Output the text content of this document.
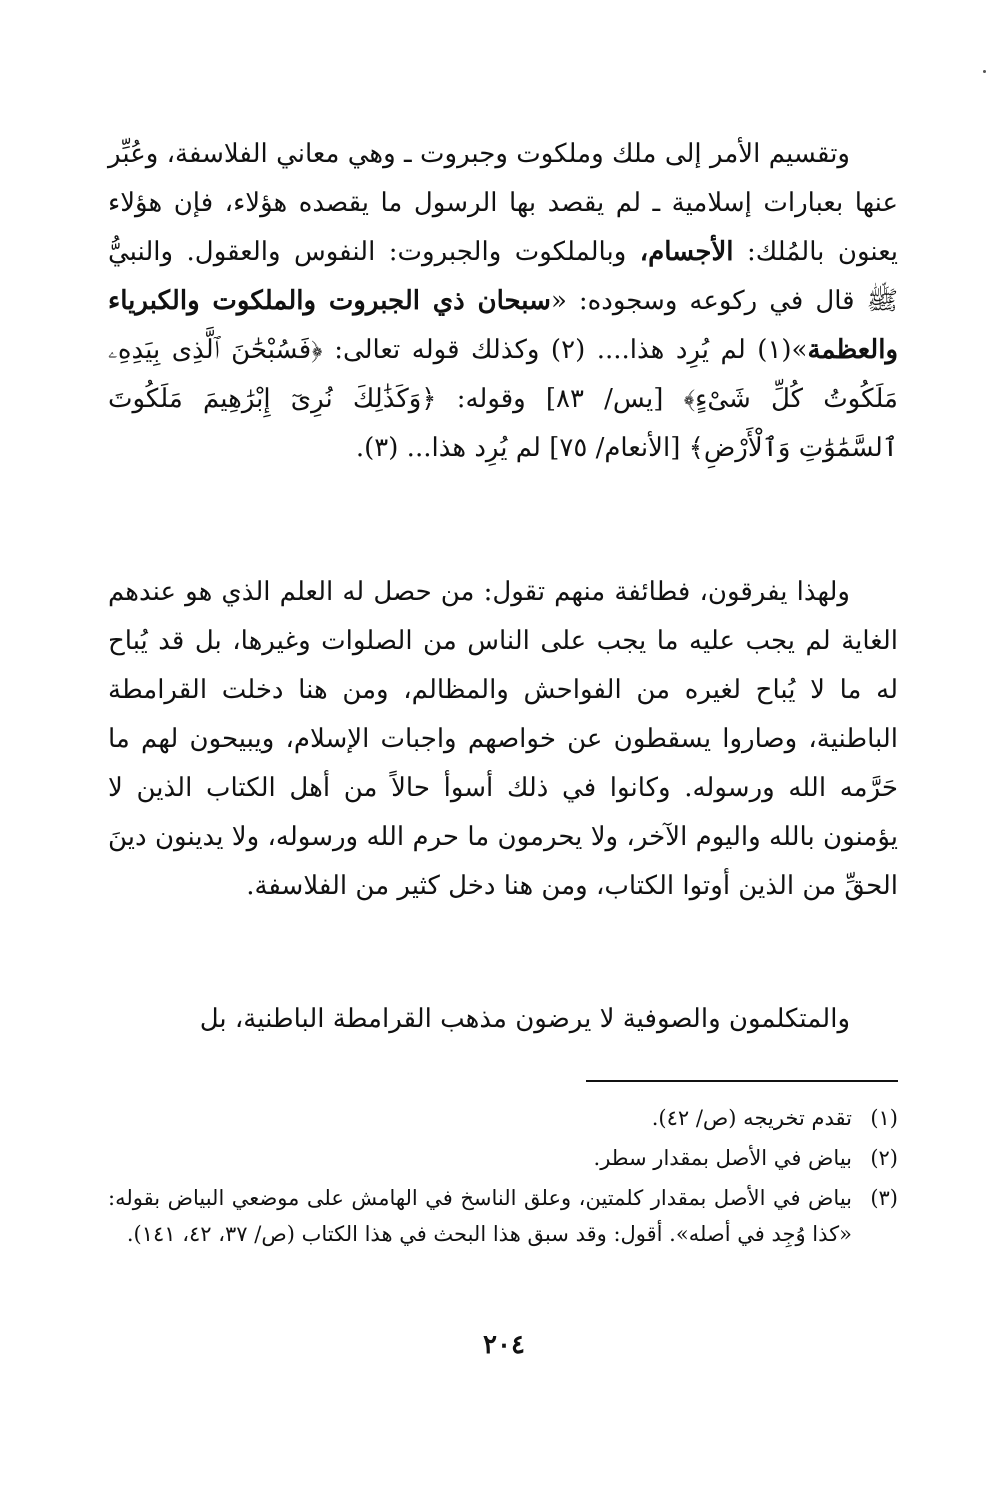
وتقسيم الأمر إلى ملك وملكوت وجبروت ـ وهي معاني الفلاسفة، وعُبِّر عنها بعبارات إسلامية ـ لم يقصد بها الرسول ما يقصده هؤلاء، فإن هؤلاء يعنون بالمُلك: الأجسام، وبالملكوت والجبروت: النفوس والعقول. والنبيُّ ﷺ قال في ركوعه وسجوده: «سبحان ذي الجبروت والملكوت والكبرياء والعظمة»(١) لم يُرِد هذا.... (٢) وكذلك قوله تعالى: ﴿فَسُبْحَٰنَ ٱلَّذِى بِيَدِهِۦ مَلَكُوتُ كُلِّ شَىْءٍ﴾ [يس/ ٨٣] وقوله: ﴿وَكَذَٰلِكَ نُرِىٓ إِبْرَٰهِيمَ مَلَكُوتَ ٱلسَّمَٰوَٰتِ وَٱلْأَرْضِ﴾ [الأنعام/ ٧٥] لم يُرِد هذا... (٣).

ولهذا يفرقون، فطائفة منهم تقول: من حصل له العلم الذي هو عندهم الغاية لم يجب عليه ما يجب على الناس من الصلوات وغيرها، بل قد يُباح له ما لا يُباح لغيره من الفواحش والمظالم، ومن هنا دخلت القرامطة الباطنية، وصاروا يسقطون عن خواصهم واجبات الإسلام، ويبيحون لهم ما حَرَّمه الله ورسوله. وكانوا في ذلك أسوأ حالاً من أهل الكتاب الذين لا يؤمنون بالله واليوم الآخر، ولا يحرمون ما حرم الله ورسوله، ولا يدينون دينَ الحقِّ من الذين أوتوا الكتاب، ومن هنا دخل كثير من الفلاسفة.

والمتكلمون والصوفية لا يرضون مذهب القرامطة الباطنية، بل

(١)
تقدم تخريجه (ص/ ٤٢).
(٢)
بياض في الأصل بمقدار سطر.
(٣)
بياض في الأصل بمقدار كلمتين، وعلق الناسخ في الهامش على موضعي البياض بقوله: «كذا وُجِد في أصله». أقول: وقد سبق هذا البحث في هذا الكتاب (ص/ ٣٧، ٤٢، ١٤١).
٢٠٤
